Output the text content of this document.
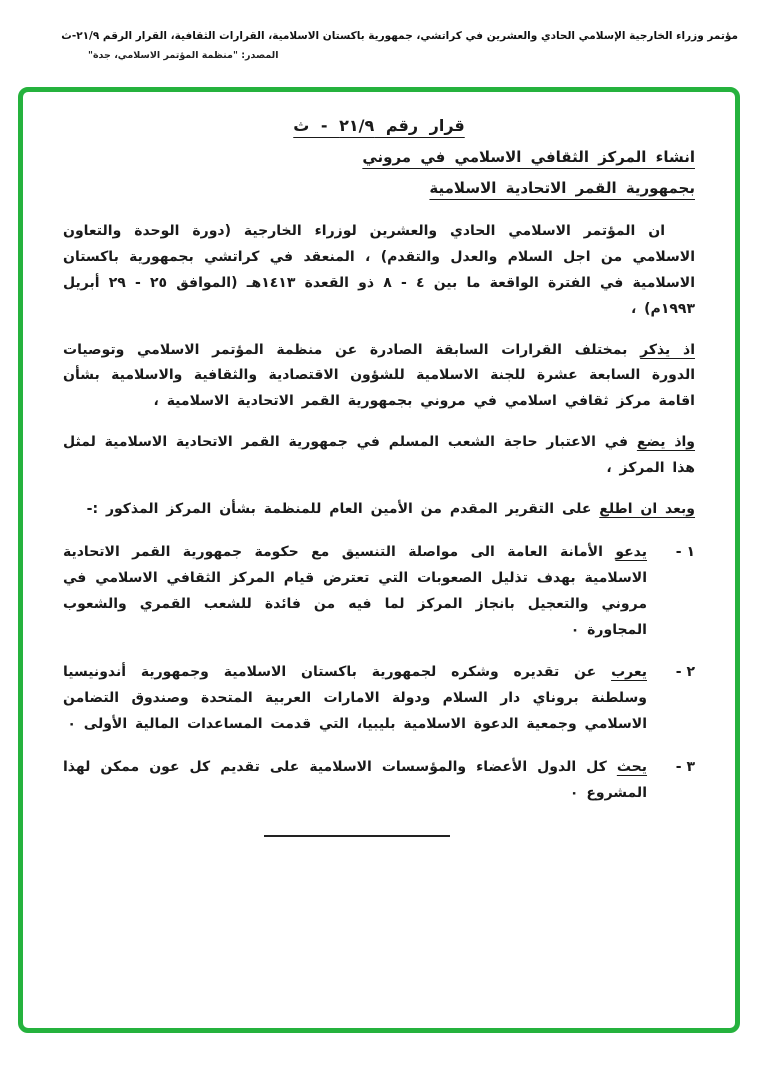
مؤتمر وزراء الخارجية الإسلامي الحادي والعشرين في كراتشي، جمهورية باكستان الاسلامية، القرارات الثقافية، القرار الرقم ٢١/٩-ث
المصدر: "منظمة المؤتمر الاسلامي، جدة"
قرار رقم ٢١/٩ - ث
انشاء المركز الثقافي الاسلامي في مروني
بجمهورية القمر الاتحادية الاسلامية

ان المؤتمر الاسلامي الحادي والعشرين لوزراء الخارجية (دورة الوحدة والتعاون الاسلامي من اجل السلام والعدل والتقدم) ، المنعقد في كراتشي بجمهورية باكستان الاسلامية في الفترة الواقعة ما بين ٤ - ٨ ذو القعدة ١٤١٣هـ (الموافق ٢٥ - ٢٩ أبريل ١٩٩٣م) ،

اذ يذكر بمختلف القرارات السابقة الصادرة عن منظمة المؤتمر الاسلامي وتوصيات الدورة السابعة عشرة للجنة الاسلامية للشؤون الاقتصادية والثقافية والاسلامية بشأن اقامة مركز ثقافي اسلامي في مروني بجمهورية القمر الاتحادية الاسلامية ،

واذ يضع في الاعتبار حاجة الشعب المسلم في جمهورية القمر الاتحادية الاسلامية لمثل هذا المركز ،

وبعد ان اطلع على التقرير المقدم من الأمين العام للمنظمة بشأن المركز المذكور :-

١ -
يدعو الأمانة العامة الى مواصلة التنسيق مع حكومة جمهورية القمر الاتحادية الاسلامية بهدف تذليل الصعوبات التي تعترض قيام المركز الثقافي الاسلامي في مروني والتعجيل بانجاز المركز لما فيه من فائدة للشعب القمري والشعوب المجاورة ٠
٢ -
يعرب عن تقديره وشكره لجمهورية باكستان الاسلامية وجمهورية أندونيسيا وسلطنة بروناي دار السلام ودولة الامارات العربية المتحدة وصندوق التضامن الاسلامي وجمعية الدعوة الاسلامية بليبيا، التي قدمت المساعدات المالية الأولى ٠
٣ -
يحث كل الدول الأعضاء والمؤسسات الاسلامية على تقديم كل عون ممكن لهذا المشروع ٠
